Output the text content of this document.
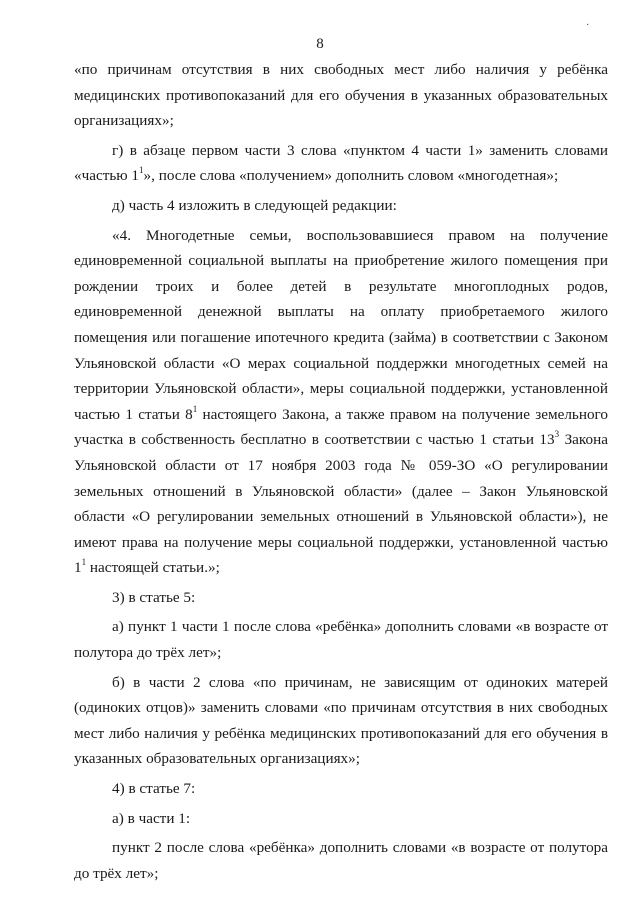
·
8

«по причинам отсутствия в них свободных мест либо наличия у ребёнка медицинских противопоказаний для его обучения в указанных образовательных организациях»;

г) в абзаце первом части 3 слова «пунктом 4 части 1» заменить словами «частью $1^1$», после слова «получением» дополнить словом «многодетная»;

д) часть 4 изложить в следующей редакции:

«4. Многодетные семьи, воспользовавшиеся правом на получение единовременной социальной выплаты на приобретение жилого помещения при рождении троих и более детей в результате многоплодных родов, единовременной денежной выплаты на оплату приобретаемого жилого помещения или погашение ипотечного кредита (займа) в соответствии с Законом Ульяновской области «О мерах социальной поддержки многодетных семей на территории Ульяновской области», меры социальной поддержки, установленной частью 1 статьи $8^1$ настоящего Закона, а также правом на получение земельного участка в собственность бесплатно в соответствии с частью 1 статьи $13^3$ Закона Ульяновской области от 17 ноября 2003 года № 059-ЗО «О регулировании земельных отношений в Ульяновской области» (далее – Закон Ульяновской области «О регулировании земельных отношений в Ульяновской области»), не имеют права на получение меры социальной поддержки, установленной частью $1^1$ настоящей статьи.»;

3) в статье 5:

а) пункт 1 части 1 после слова «ребёнка» дополнить словами «в возрасте от полутора до трёх лет»;

б) в части 2 слова «по причинам, не зависящим от одиноких матерей (одиноких отцов)» заменить словами «по причинам отсутствия в них свободных мест либо наличия у ребёнка медицинских противопоказаний для его обучения в указанных образовательных организациях»;

4) в статье 7:

а) в части 1:

пункт 2 после слова «ребёнка» дополнить словами «в возрасте от полутора до трёх лет»;
